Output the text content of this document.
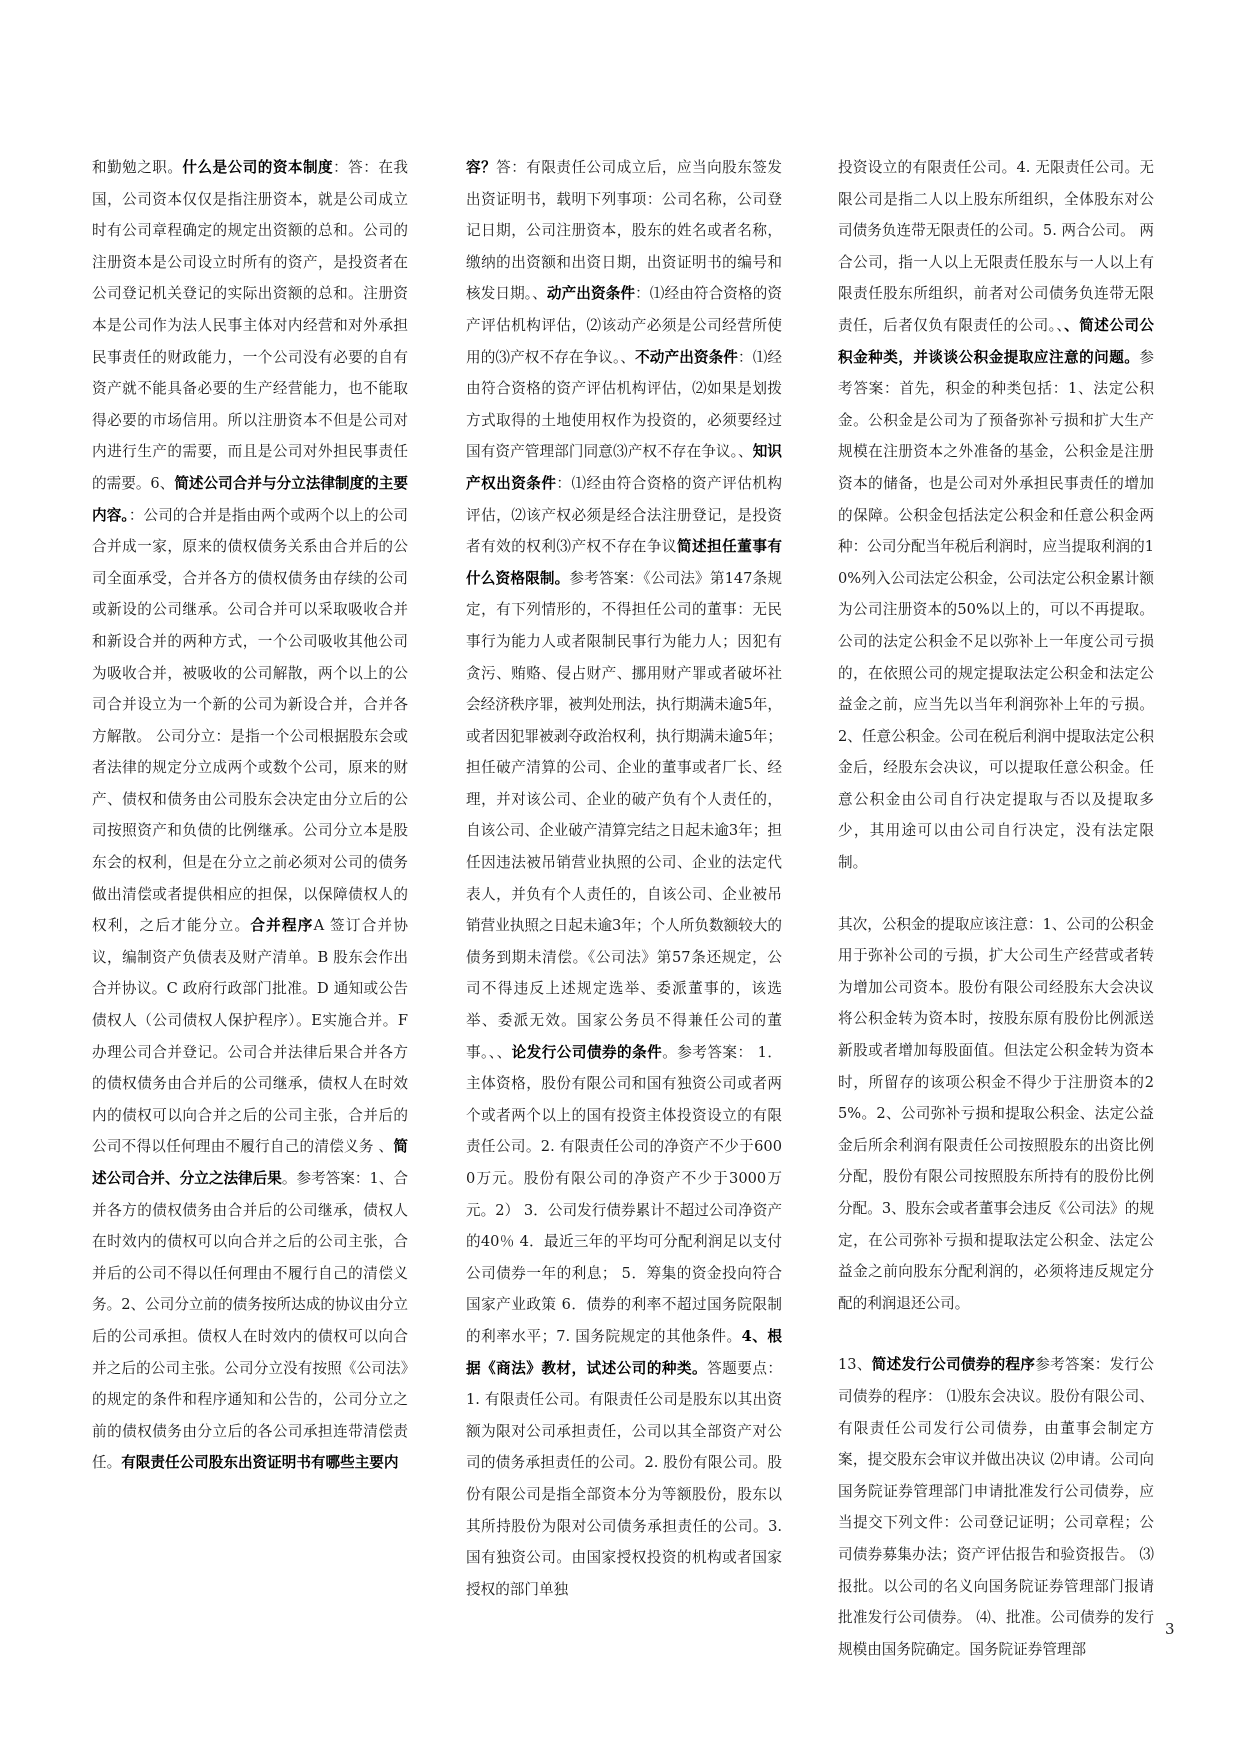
和勤勉之职。什么是公司的资本制度：答：在我国，公司资本仅仅是指注册资本，就是公司成立时有公司章程确定的规定出资额的总和。公司的注册资本是公司设立时所有的资产，是投资者在公司登记机关登记的实际出资额的总和。注册资本是公司作为法人民事主体对内经营和对外承担民事责任的财政能力，一个公司没有必要的自有资产就不能具备必要的生产经营能力，也不能取得必要的市场信用。所以注册资本不但是公司对内进行生产的需要，而且是公司对外担民事责任的需要。6、简述公司合并与分立法律制度的主要内容。：公司的合并是指由两个或两个以上的公司合并成一家，原来的债权债务关系由合并后的公司全面承受，合并各方的债权债务由存续的公司或新设的公司继承。公司合并可以采取吸收合并和新设合并的两种方式，一个公司吸收其他公司为吸收合并，被吸收的公司解散，两个以上的公司合并设立为一个新的公司为新设合并，合并各方解散。 公司分立：是指一个公司根据股东会或者法律的规定分立成两个或数个公司，原来的财产、债权和债务由公司股东会决定由分立后的公司按照资产和负债的比例继承。公司分立本是股东会的权利，但是在分立之前必须对公司的债务做出清偿或者提供相应的担保，以保障债权人的权利，之后才能分立。合并程序A 签订合并协议，编制资产负债表及财产清单。B 股东会作出合并协议。C 政府行政部门批准。D 通知或公告债权人（公司债权人保护程序）。E实施合并。F 办理公司合并登记。公司合并法律后果合并各方的债权债务由合并后的公司继承，债权人在时效内的债权可以向合并之后的公司主张，合并后的公司不得以任何理由不履行自己的清偿义务 、简述公司合并、分立之法律后果。参考答案：1、合并各方的债权债务由合并后的公司继承，债权人在时效内的债权可以向合并之后的公司主张，合并后的公司不得以任何理由不履行自己的清偿义务。2、公司分立前的债务按所达成的协议由分立后的公司承担。债权人在时效内的债权可以向合并之后的公司主张。公司分立没有按照《公司法》的规定的条件和程序通知和公告的，公司分立之前的债权债务由分立后的各公司承担连带清偿责任。有限责任公司股东出资证明书有哪些主要内

容？答：有限责任公司成立后，应当向股东签发出资证明书，载明下列事项：公司名称，公司登记日期，公司注册资本，股东的姓名或者名称，缴纳的出资额和出资日期，出资证明书的编号和核发日期。、动产出资条件：⑴经由符合资格的资产评估机构评估，⑵该动产必须是公司经营所使用的⑶产权不存在争议。、不动产出资条件：⑴经由符合资格的资产评估机构评估，⑵如果是划拨方式取得的土地使用权作为投资的，必须要经过国有资产管理部门同意⑶产权不存在争议。、知识产权出资条件：⑴经由符合资格的资产评估机构评估，⑵该产权必须是经合法注册登记，是投资者有效的权利⑶产权不存在争议简述担任董事有什么资格限制。参考答案：《公司法》第147条规定，有下列情形的，不得担任公司的董事：无民事行为能力人或者限制民事行为能力人；因犯有贪污、贿赂、侵占财产、挪用财产罪或者破坏社会经济秩序罪，被判处刑法，执行期满未逾5年，或者因犯罪被剥夺政治权利，执行期满未逾5年；担任破产清算的公司、企业的董事或者厂长、经理，并对该公司、企业的破产负有个人责任的，自该公司、企业破产清算完结之日起未逾3年；担任因违法被吊销营业执照的公司、企业的法定代表人，并负有个人责任的，自该公司、企业被吊销营业执照之日起未逾3年；个人所负数额较大的债务到期未清偿。《公司法》第57条还规定，公司不得违反上述规定选举、委派董事的，该选举、委派无效。国家公务员不得兼任公司的董事。、、论发行公司债券的条件。参考答案： 1．主体资格，股份有限公司和国有独资公司或者两个或者两个以上的国有投资主体投资设立的有限责任公司。2. 有限责任公司的净资产不少于6000万元。股份有限公司的净资产不少于3000万元。2） 3．公司发行债券累计不超过公司净资产的40％ 4．最近三年的平均可分配利润足以支付公司债券一年的利息； 5．筹集的资金投向符合国家产业政策 6．债券的利率不超过国务院限制的利率水平；7. 国务院规定的其他条件。4、根据《商法》教材，试述公司的种类。答题要点：1. 有限责任公司。有限责任公司是股东以其出资额为限对公司承担责任，公司以其全部资产对公司的债务承担责任的公司。2. 股份有限公司。股份有限公司是指全部资本分为等额股份，股东以其所持股份为限对公司债务承担责任的公司。3. 国有独资公司。由国家授权投资的机构或者国家授权的部门单独

投资设立的有限责任公司。4. 无限责任公司。无限公司是指二人以上股东所组织，全体股东对公司债务负连带无限责任的公司。5. 两合公司。 两合公司，指一人以上无限责任股东与一人以上有限责任股东所组织，前者对公司债务负连带无限责任，后者仅负有限责任的公司。、、简述公司公积金种类，并谈谈公积金提取应注意的问题。参考答案：首先，积金的种类包括：1、法定公积金。公积金是公司为了预备弥补亏损和扩大生产规模在注册资本之外准备的基金，公积金是注册资本的储备，也是公司对外承担民事责任的增加的保障。公积金包括法定公积金和任意公积金两种：公司分配当年税后利润时，应当提取利润的10%列入公司法定公积金，公司法定公积金累计额为公司注册资本的50%以上的，可以不再提取。公司的法定公积金不足以弥补上一年度公司亏损的，在依照公司的规定提取法定公积金和法定公益金之前，应当先以当年利润弥补上年的亏损。2、任意公积金。公司在税后利润中提取法定公积金后，经股东会决议，可以提取任意公积金。任意公积金由公司自行决定提取与否以及提取多少，其用途可以由公司自行决定，没有法定限制。

其次，公积金的提取应该注意：1、公司的公积金用于弥补公司的亏损，扩大公司生产经营或者转为增加公司资本。股份有限公司经股东大会决议将公积金转为资本时，按股东原有股份比例派送新股或者增加每股面值。但法定公积金转为资本时，所留存的该项公积金不得少于注册资本的25%。2、公司弥补亏损和提取公积金、法定公益金后所余利润有限责任公司按照股东的出资比例分配，股份有限公司按照股东所持有的股份比例分配。3、股东会或者董事会违反《公司法》的规定，在公司弥补亏损和提取法定公积金、法定公益金之前向股东分配利润的，必须将违反规定分配的利润退还公司。

13、简述发行公司债券的程序参考答案：发行公司债券的程序： ⑴股东会决议。股份有限公司、有限责任公司发行公司债券，由董事会制定方案，提交股东会审议并做出决议 ⑵申请。公司向国务院证券管理部门申请批准发行公司债券，应当提交下列文件：公司登记证明；公司章程；公司债券募集办法；资产评估报告和验资报告。 ⑶报批。以公司的名义向国务院证券管理部门报请批准发行公司债券。 ⑷、批准。公司债券的发行规模由国务院确定。国务院证券管理部

3
